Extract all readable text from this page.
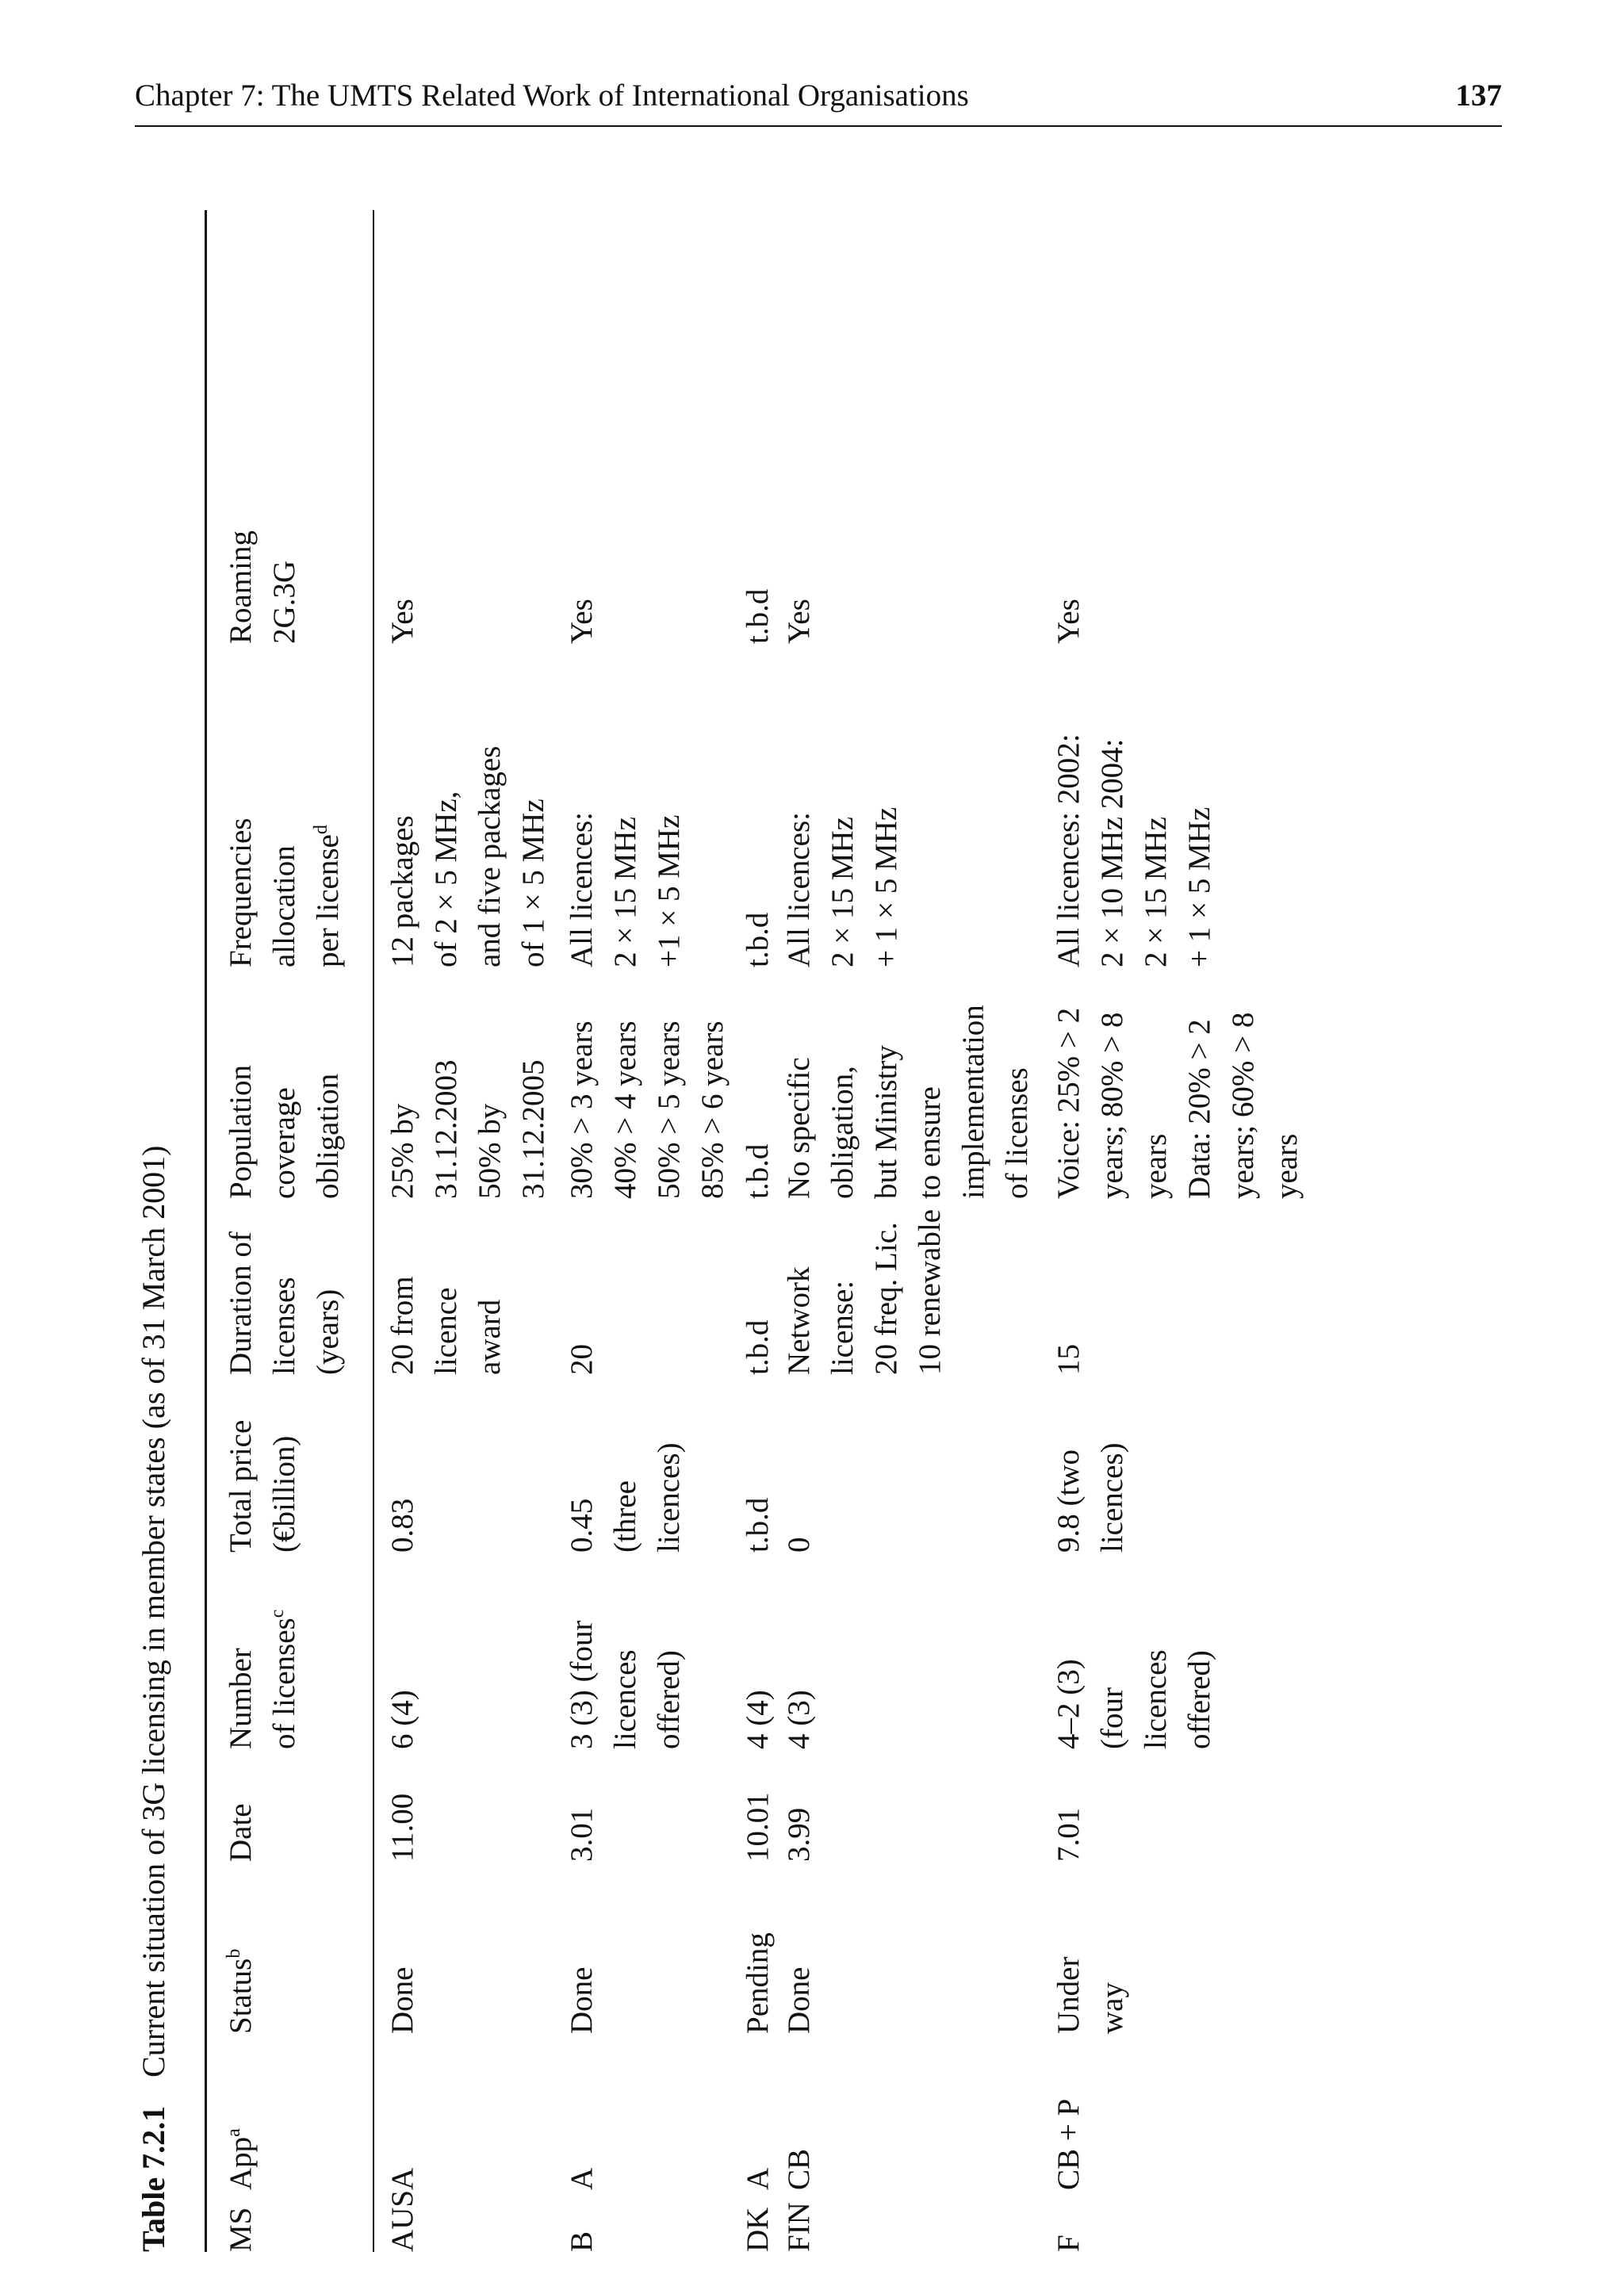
Chapter 7: The UMTS Related Work of International Organisations	137
Table 7.2.1Current situation of 3G licensing in member states (as of 31 March 2001)
MS
App$^a$
Status$^b$
Date
Number
of licenses$^c$
Total price
(€billion)
Duration of
licenses
(years)
Population
coverage
obligation
Frequencies
allocation
per license$^d$
Roaming
2G.3G
AUS
A
Done
11.00
6 (4)
0.83
20 from
licence
award
25% by
31.12.2003
50% by
31.12.2005
12 packages
of 2 × 5 MHz,
and five packages
of 1 × 5 MHz
Yes
B
A
Done
3.01
3 (3) (four
licences
offered)
0.45
(three
licences)
20
30% > 3 years
40% > 4 years
50% > 5 years
85% > 6 years
All licences:
2 × 15 MHz
+1 × 5 MHz
Yes
DK
A
Pending
10.01
4 (4)
t.b.d
t.b.d
t.b.d
t.b.d
t.b.d
FIN
CB
Done
3.99
4 (3)
0
Network
license:
20 freq. Lic.
10 renewable
No specific
obligation,
but Ministry
to ensure
implementation
of licenses
All licences:
2 × 15 MHz
+ 1 × 5 MHz
Yes
F
CB + P
Under
way
7.01
4–2 (3)
(four
licences
offered)
9.8 (two
licences)
15
Voice: 25% > 2
years; 80% > 8
years
Data: 20% > 2
years; 60% > 8
years
All licences: 2002:
2 × 10 MHz 2004:
2 × 15 MHz
+ 1 × 5 MHz
Yes
